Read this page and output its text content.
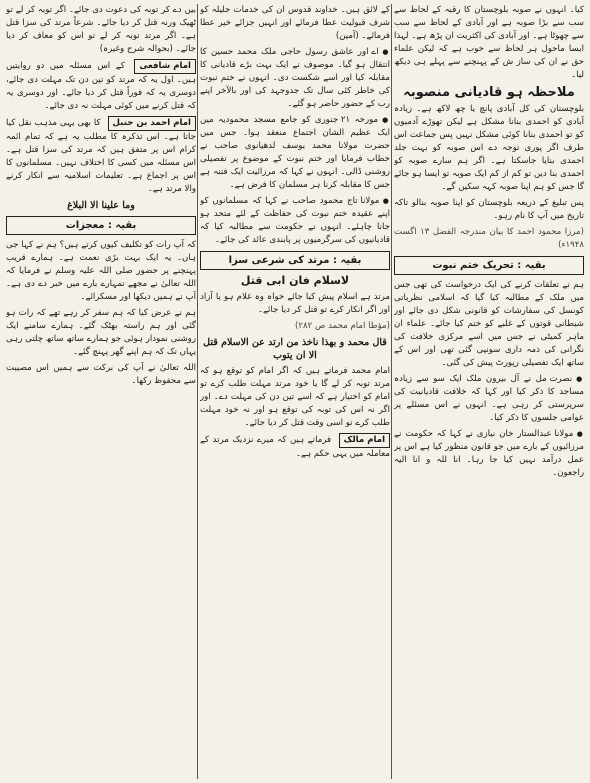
کیا۔ انہوں نے صوبہ بلوچستان کا رقبہ کے لحاظ سے سب سے بڑا صوبہ ہے اور آبادی کے لحاظ سے سب سے چھوٹا ہے۔ اور آبادی کی اکثریت ان پڑھ ہے۔ لہذا ایسا ماحول ہر لحاظ سے خوب ہے کہ لیکن علماء حق نے ان کی ساز ش کے پہنچنے سے پہلے ہی دیکھ لیا۔

ملاحظہ ہو قادیانی منصوبہ

بلوچستان کی کل آبادی پانچ یا چھ لاکھ ہے۔ زیادہ آبادی کو احمدی بنانا مشکل ہے لیکن تھوڑے آدمیوں کو تو احمدی بنانا کوئی مشکل نہیں پس جماعت اس طرف اگر پوری توجہ دے اس صوبہ کو بہت جلد احمدی بنایا جاسکتا ہے۔ اگر ہم سارے صوبہ کو احمدی بنا دیں تو کم از کم ایک صوبہ تو ایسا ہو جائے گا جس کو ہم اپنا صوبہ کہہ سکیں گے۔

پس تبلیغ کے ذریعہ بلوچستان کو اپنا صوبہ بنالو تاکہ تاریخ میں آپ کا نام رہو۔

(مرزا محمود احمد کا بیان مندرجہ الفضل ۱۳ اگست ۱۹۴۸ء)

بقیہ : تحریک ختم نبوت

ہم نے تعلقات کرنے کی ایک درخواست کی تھی جس میں ملک کے مطالبہ کیا گیا کہ اسلامی نظریاتی کونسل کی سفارشات کو قانونی شکل دی جائے اور شیطانی قوتوں کے غلبے کو ختم کیا جائے۔ علماء ان ماہر کمیٹی نے جس میں اسے مرکزی خلافت کی نگرانی کی ذمہ داری سونپی گئی تھی اور اس کے ساتھ ایک تفصیلی رپورٹ پیش کی گئی۔

● نصرت مل نے آل بیرون ملک ایک سو سے زیادہ مساجد کا ذکر کیا اور کہا کہ خلافت قادیانیت کی سرپرستی کر رہی ہے۔ انہوں نے اس مسئلے پر عوامی جلسوں کا ذکر کیا۔

● مولانا عبدالستار خان نیازی نے کہا کہ حکومت نے مرزائیوں کے بارے میں جو قانون منظور کیا ہے اس پر عمل درآمد نہیں کیا جا رہا۔ انا للہ و انا الیہ راجعون۔

کے لائق ہیں۔ خداوند قدوس ان کی خدمات جلیلہ کو شرف قبولیت عطا فرمائے اور انہیں جزائے خیر عطا فرمائے۔ (آمین)

● اے اور عاشق رسول حاجی ملک محمد حسین کا انتقال ہو گیا۔ موصوف نے ایک بہت بڑے قادیانی کا مقابلہ کیا اور اسے شکست دی۔ انہوں نے ختم نبوت کی خاطر کئی سال تک جدوجہد کی اور بالآخر اپنے رب کے حضور حاضر ہو گئے۔

● مورخہ ۲۱ جنوری کو جامع مسجد محمودیہ میں ایک عظیم الشان اجتماع منعقد ہوا۔ جس میں حضرت مولانا محمد یوسف لدھیانوی صاحب نے خطاب فرمایا اور ختم نبوت کے موضوع پر تفصیلی روشنی ڈالی۔ انہوں نے کہا کہ مرزائیت ایک فتنہ ہے جس کا مقابلہ کرنا ہر مسلمان کا فرض ہے۔

● مولانا تاج محمود صاحب نے کہا کہ مسلمانوں کو اپنے عقیدہ ختم نبوت کی حفاظت کے لئے متحد ہو جانا چاہئے۔ انہوں نے حکومت سے مطالبہ کیا کہ قادیانیوں کی سرگرمیوں پر پابندی عائد کی جائے۔

بقیہ : مرتد کی شرعی سزا
لاسلام فان ابی قتل

مرتد ہے اسلام پیش کیا جائے خواہ وہ غلام ہو یا آزاد اور اگر انکار کرے تو قتل کر دیا جائے۔

(مؤطا امام محمد ص ۲۸۲)

قال محمد و بھذا ناخذ من ارتد عن الاسلام قتل الا ان یتوب

امام محمد فرماتے ہیں کہ اگر امام کو توقع ہو کہ مرتد توبہ کر لے گا یا خود مرتد مہلت طلب کرے تو امام کو اختیار ہے کہ اسے تین دن کی مہلت دے۔ اور اگر نہ اس کی توبہ کی توقع ہو اور نہ خود مہلت طلب کرے تو اسی وقت قتل کر دیا جائے۔

امام مالک فرماتے ہیں کہ میرے نزدیک مرتد کے معاملہ میں یہی حکم ہے۔

بیں دے کر توبہ کی دعوت دی جائے۔ اگر توبہ کر لے تو ٹھیک ورنہ قتل کر دیا جائے۔ شرعاً مرتد کی سزا قتل ہے۔ اگر مرتد توبہ کر لے تو اس کو معاف کر دیا جائے۔ (بحوالہ شرح وغیرہ)

امام شافعی کے اس مسئلہ میں دو روایتیں ہیں۔ اول یہ کہ مرتد کو تین دن تک مہلت دی جائے، دوسری یہ کہ فوراً قتل کر دیا جائے۔ اور دوسری یہ کہ قتل کرنے میں کوئی مہلت نہ دی جائے۔

امام احمد بن حنبل کا بھی یہی مذہب نقل کیا جاتا ہے۔ اس تذکرہ کا مطلب یہ ہے کہ تمام ائمہ کرام اس پر متفق ہیں کہ مرتد کی سزا قتل ہے۔ اس مسئلہ میں کسی کا اختلاف نہیں۔ مسلمانوں کا اس پر اجماع ہے۔ تعلیمات اسلامیہ سے انکار کرنے والا مرتد ہے۔

وما علینا الا البلاغ
بقیہ : معجزات

کہ آپ رات کو تکلیف کیوں کرتے ہیں؟ ہم نے کہا جی ہاں۔ یہ ایک بہت بڑی نعمت ہے۔ ہمارے قریب پہنچنے پر حضور صلی اللہ علیہ وسلم نے فرمایا کہ اللہ تعالیٰ نے مجھے تمہارے بارے میں خبر دے دی ہے۔ آپ نے ہمیں دیکھا اور مسکرائے۔

ہم نے عرض کیا کہ ہم سفر کر رہے تھے کہ رات ہو گئی اور ہم راستہ بھٹک گئے۔ ہمارے سامنے ایک روشنی نمودار ہوئی جو ہمارے ساتھ ساتھ چلتی رہی یہاں تک کہ ہم اپنے گھر پہنچ گئے۔

اللہ تعالیٰ نے آپ کی برکت سے ہمیں اس مصیبت سے محفوظ رکھا۔
